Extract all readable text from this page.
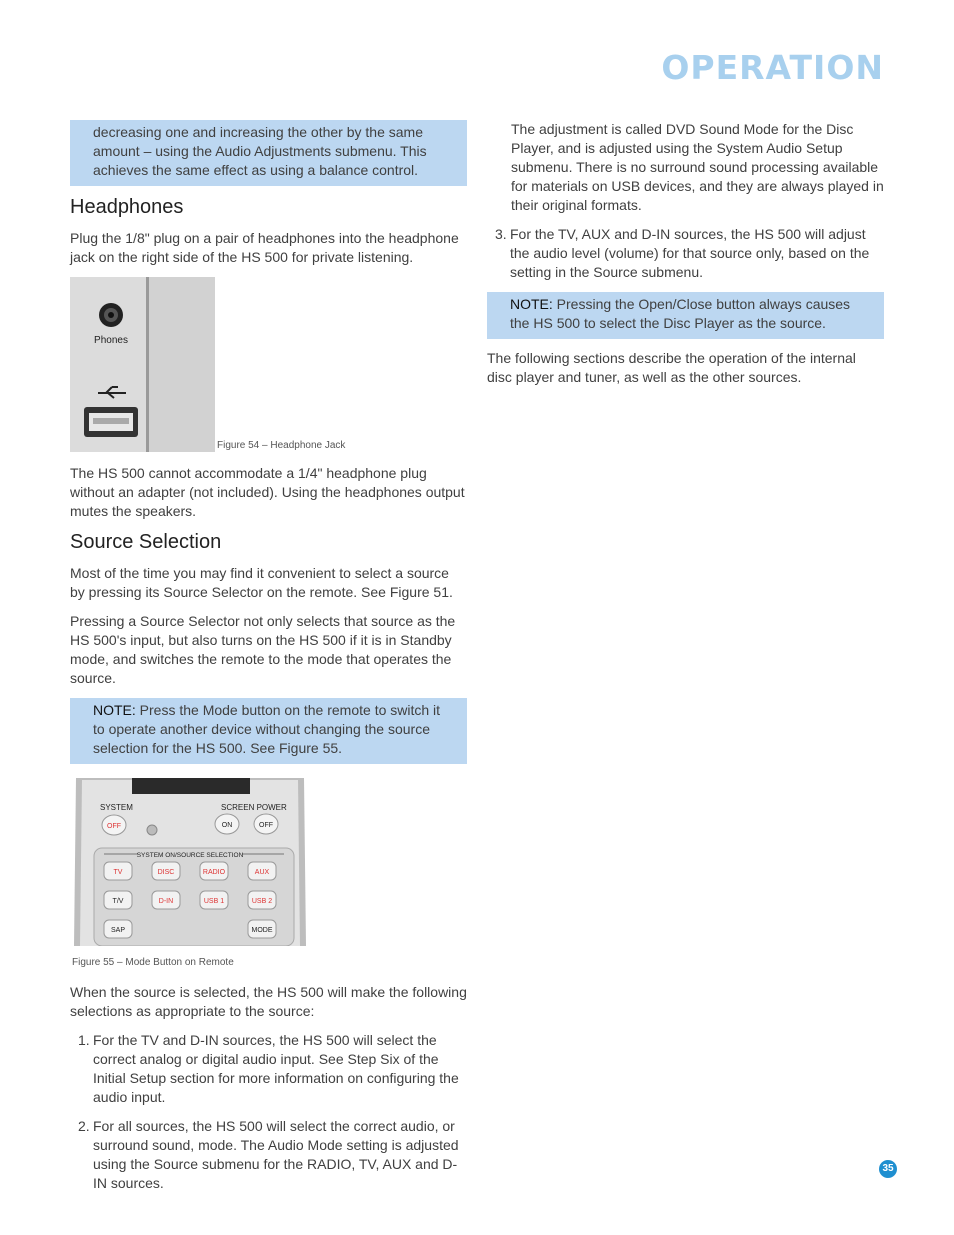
OPERATION
decreasing one and increasing the other by the same amount – using the Audio Adjustments submenu. This achieves the same effect as using a balance control.
Headphones

Plug the 1/8" plug on a pair of headphones into the headphone jack on the right side of the HS 500 for private listening.

Phones
Figure 54 – Headphone Jack

The HS 500 cannot accommodate a 1/4" headphone plug without an adapter (not included). Using the headphones output mutes the speakers.

Source Selection

Most of the time you may find it convenient to select a source by pressing its Source Selector on the remote. See Figure 51.

Pressing a Source Selector not only selects that source as the HS 500's input, but also turns on the HS 500 if it is in Standby mode, and switches the remote to the mode that operates the source.

NOTE: Press the Mode button on the remote to switch it to operate another device without changing the source selection for the HS 500. See Figure 55.
SYSTEM	SCREEN POWER
OFF	ON	OFF
SYSTEM ON/SOURCE SELECTION
TV	DISC	RADIO	AUX
T/V	D-IN	USB 1	USB 2
SAP	MODE
Figure 55 – Mode Button on Remote

When the source is selected, the HS 500 will make the following selections as appropriate to the source:

1. For the TV and D-IN sources, the HS 500 will select the correct analog or digital audio input. See Step Six of the Initial Setup section for more information on configuring the audio input.
2. For all sources, the HS 500 will select the correct audio, or surround sound, mode. The Audio Mode setting is adjusted using the Source submenu for the RADIO, TV, AUX and D-IN sources.

The adjustment is called DVD Sound Mode for the Disc Player, and is adjusted using the System Audio Setup submenu. There is no surround sound processing available for materials on USB devices, and they are always played in their original formats.

3. For the TV, AUX and D-IN sources, the HS 500 will adjust the audio level (volume) for that source only, based on the setting in the Source submenu.
NOTE: Pressing the Open/Close button always causes the HS 500 to select the Disc Player as the source.

The following sections describe the operation of the internal disc player and tuner, as well as the other sources.

35
